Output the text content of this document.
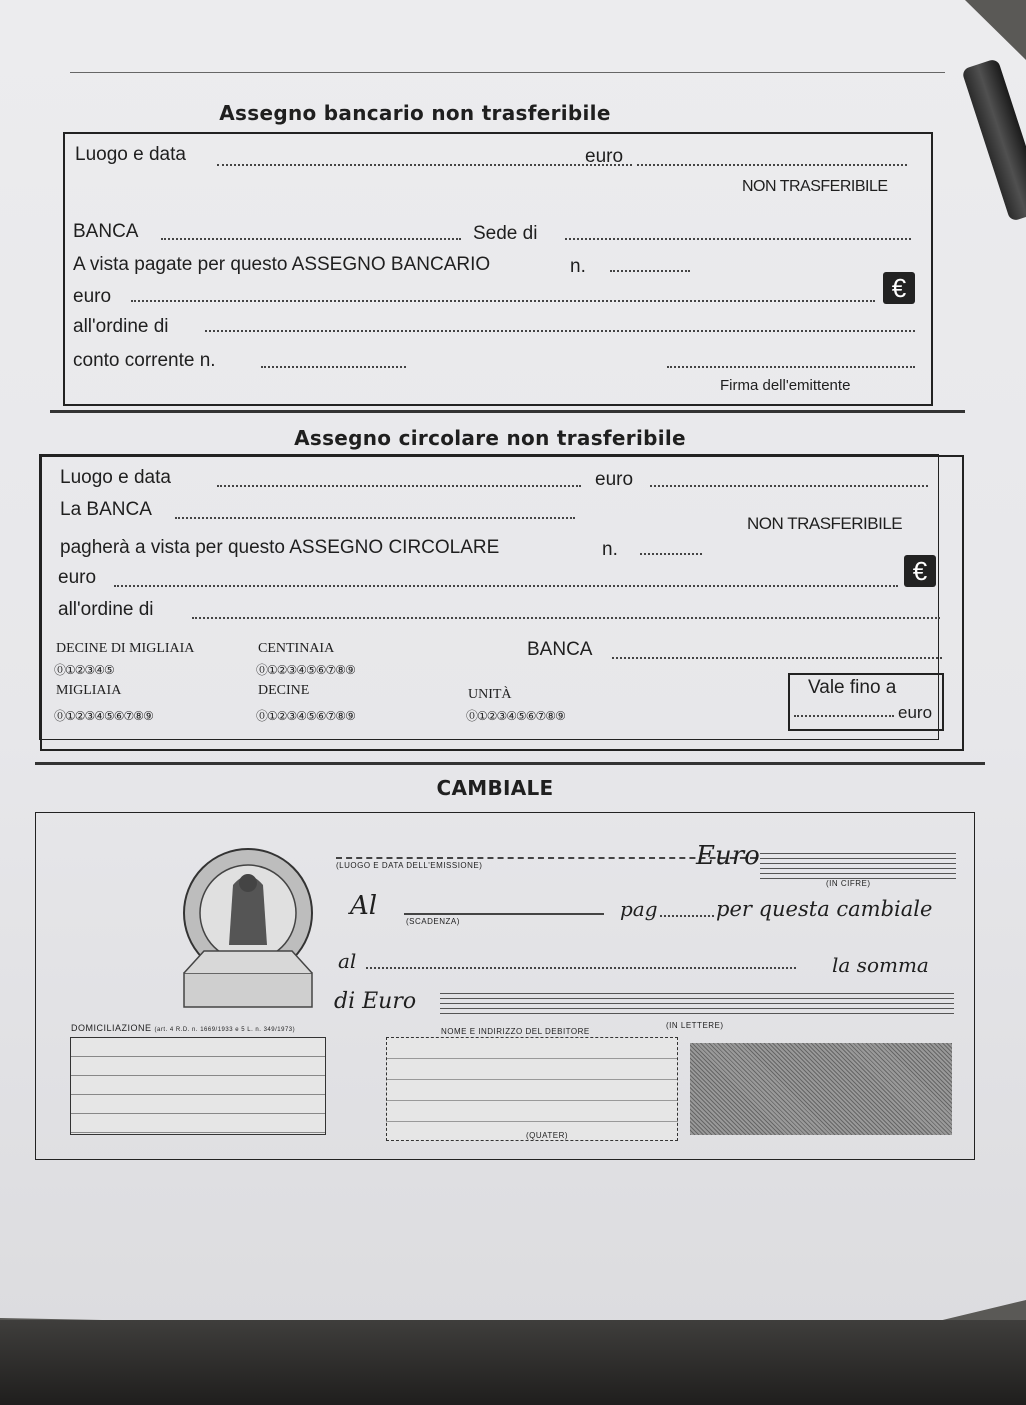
Assegno bancario non trasferibile
Luogo e data	euro
NON TRASFERIBILE
BANCA	Sede di
A vista pagate per questo ASSEGNO BANCARIO	n.
euro	€
all'ordine di
conto corrente n.
Firma dell'emittente
Assegno circolare non trasferibile
Luogo e data	euro
La BANCA
NON TRASFERIBILE
pagherà a vista per questo ASSEGNO CIRCOLARE	n.
euro	€
all'ordine di
DECINE DI MIGLIAIA	CENTINAIA	BANCA
⓪①②③④⑤	⓪①②③④⑤⑥⑦⑧⑨
MIGLIAIA	DECINE	UNITÀ
⓪①②③④⑤⑥⑦⑧⑨	⓪①②③④⑤⑥⑦⑧⑨	⓪①②③④⑤⑥⑦⑧⑨
Vale fino a
euro
CAMBIALE
(LUOGO E DATA DELL'EMISSIONE)	Euro
(IN CIFRE)
Al
(SCADENZA)
pag	per questa cambiale
al	la somma
di Euro
(IN LETTERE)
DOMICILIAZIONE (art. 4 R.D. n. 1669/1933 e 5 L. n. 349/1973)	NOME E INDIRIZZO DEL DEBITORE
(QUATER)
